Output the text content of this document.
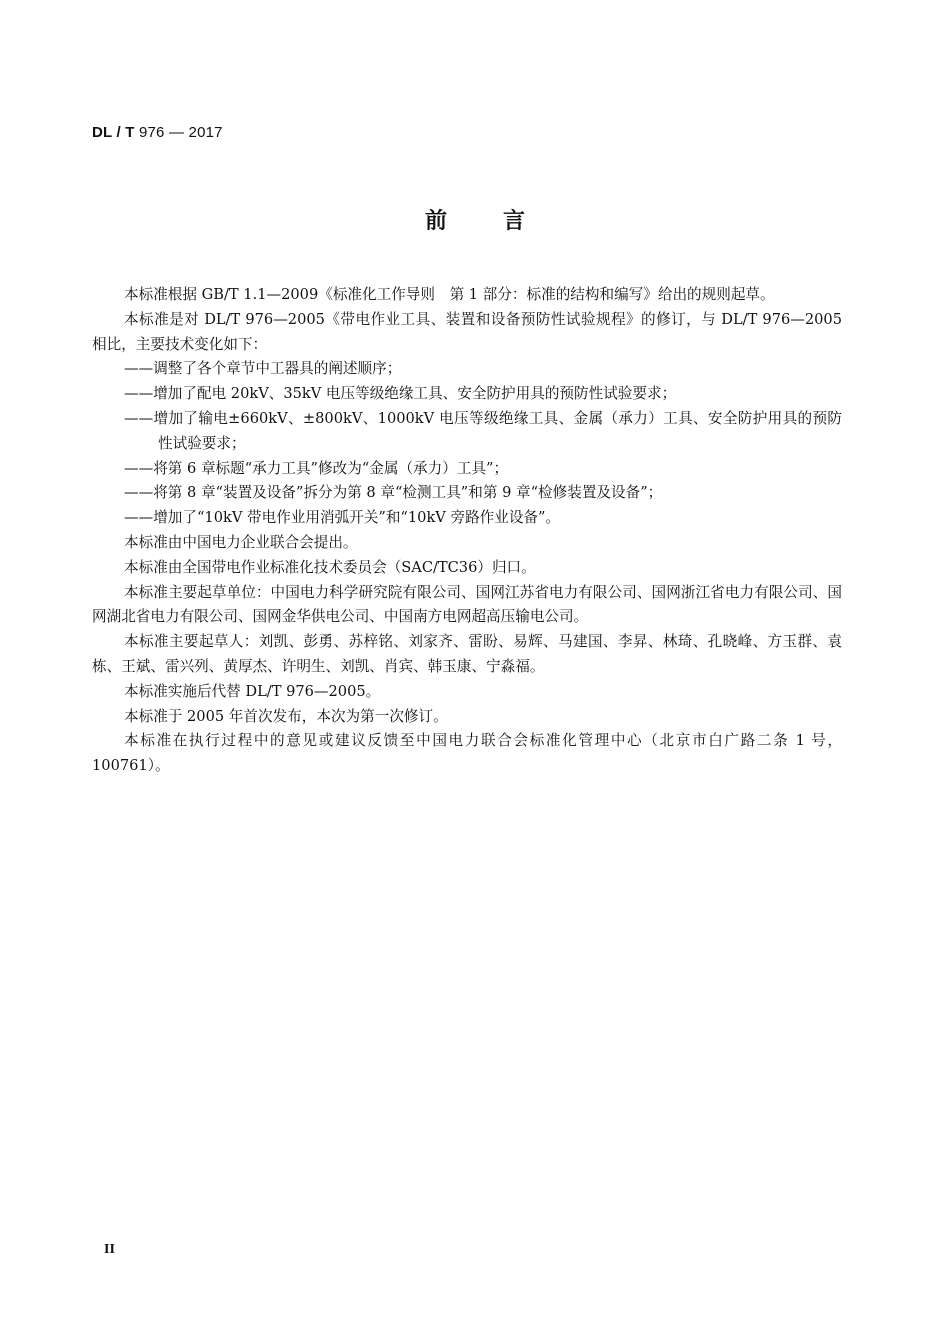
DL / T 976 — 2017
前言

本标准根据 GB/T 1.1—2009《标准化工作导则　第 1 部分：标准的结构和编写》给出的规则起草。

本标准是对 DL/T 976—2005《带电作业工具、装置和设备预防性试验规程》的修订，与 DL/T 976—2005 相比，主要技术变化如下：

——调整了各个章节中工器具的阐述顺序；

——增加了配电 20kV、35kV 电压等级绝缘工具、安全防护用具的预防性试验要求；

——增加了输电±660kV、±800kV、1000kV 电压等级绝缘工具、金属（承力）工具、安全防护用具的预防性试验要求；

——将第 6 章标题“承力工具”修改为“金属（承力）工具”；

——将第 8 章“装置及设备”拆分为第 8 章“检测工具”和第 9 章“检修装置及设备”；

——增加了“10kV 带电作业用消弧开关”和“10kV 旁路作业设备”。

本标准由中国电力企业联合会提出。

本标准由全国带电作业标准化技术委员会（SAC/TC36）归口。

本标准主要起草单位：中国电力科学研究院有限公司、国网江苏省电力有限公司、国网浙江省电力有限公司、国网湖北省电力有限公司、国网金华供电公司、中国南方电网超高压输电公司。

本标准主要起草人：刘凯、彭勇、苏梓铭、刘家齐、雷盼、易辉、马建国、李昇、林琦、孔晓峰、方玉群、袁栋、王斌、雷兴列、黄厚杰、许明生、刘凯、肖宾、韩玉康、宁淼福。

本标准实施后代替 DL/T 976—2005。

本标准于 2005 年首次发布，本次为第一次修订。

本标准在执行过程中的意见或建议反馈至中国电力联合会标准化管理中心（北京市白广路二条 1 号，100761）。

II
